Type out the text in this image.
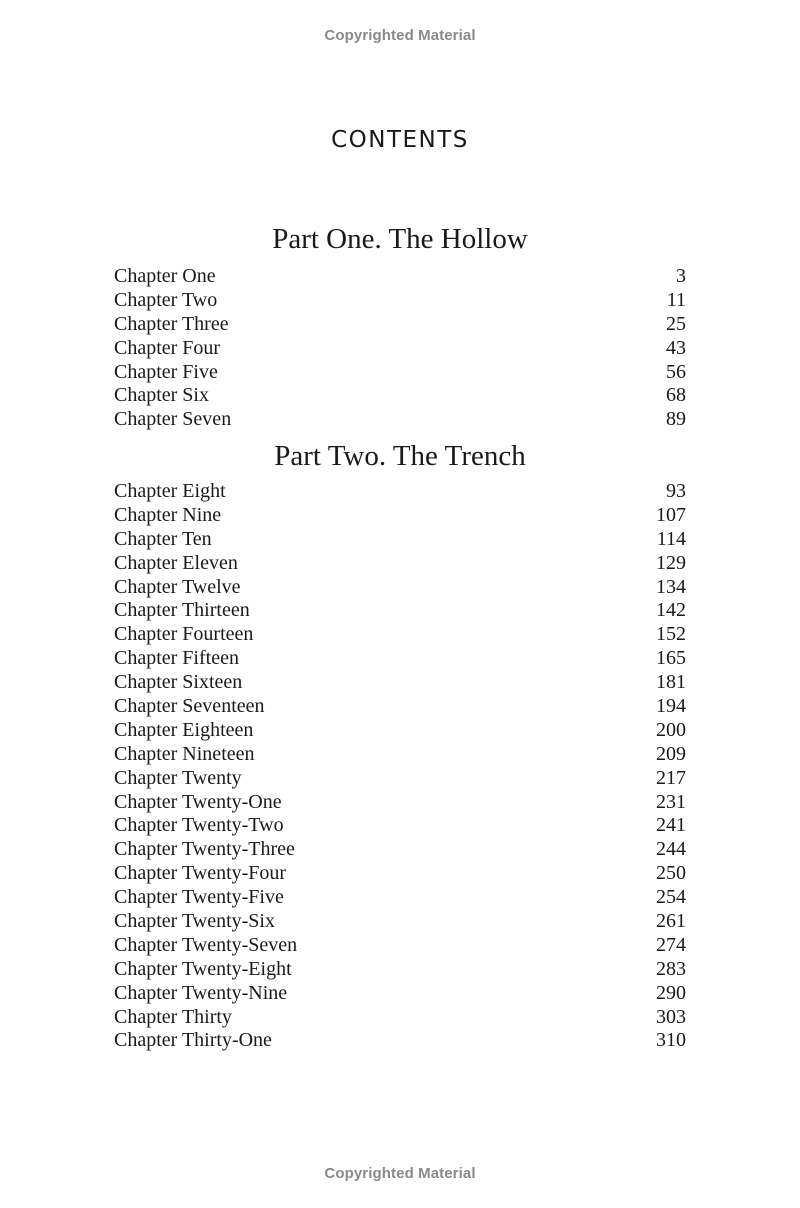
Copyrighted Material
CONTENTS
Part One. The Hollow
Chapter One	3
Chapter Two	11
Chapter Three	25
Chapter Four	43
Chapter Five	56
Chapter Six	68
Chapter Seven	89
Part Two. The Trench
Chapter Eight	93
Chapter Nine	107
Chapter Ten	114
Chapter Eleven	129
Chapter Twelve	134
Chapter Thirteen	142
Chapter Fourteen	152
Chapter Fifteen	165
Chapter Sixteen	181
Chapter Seventeen	194
Chapter Eighteen	200
Chapter Nineteen	209
Chapter Twenty	217
Chapter Twenty-One	231
Chapter Twenty-Two	241
Chapter Twenty-Three	244
Chapter Twenty-Four	250
Chapter Twenty-Five	254
Chapter Twenty-Six	261
Chapter Twenty-Seven	274
Chapter Twenty-Eight	283
Chapter Twenty-Nine	290
Chapter Thirty	303
Chapter Thirty-One	310
Copyrighted Material
